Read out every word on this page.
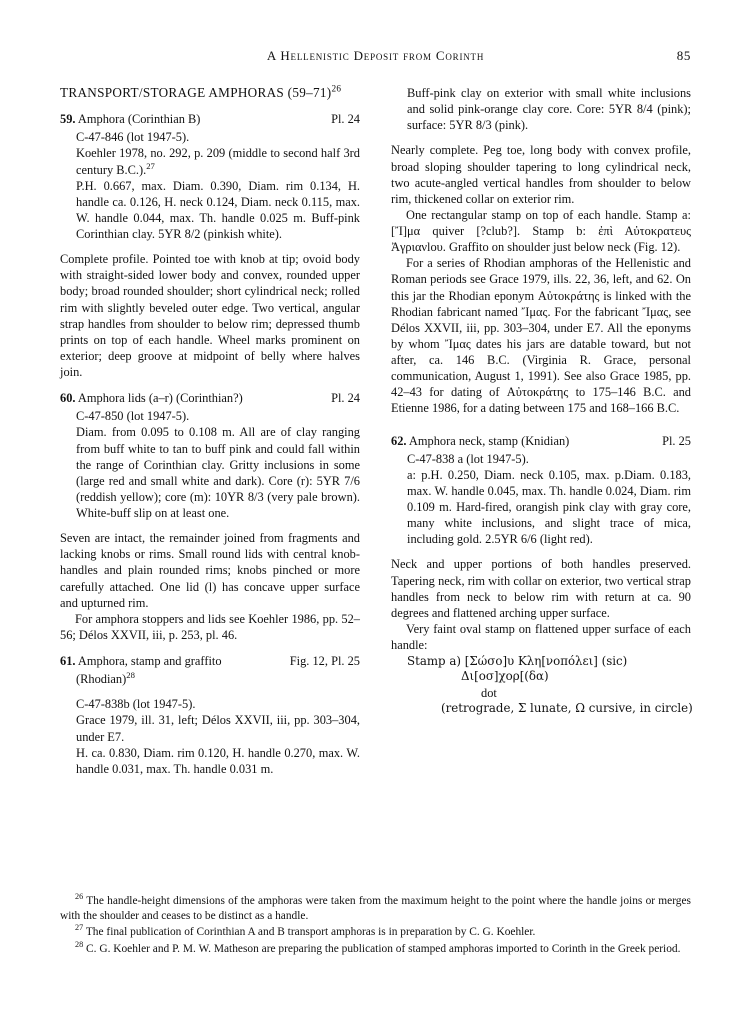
A Hellenistic Deposit from Corinth	85
TRANSPORT/STORAGE AMPHORAS $(59-71)^{26}$
59. Amphora (Corinthian B)	Pl. 24

C-47-846 (lot 1947-5).

Koehler 1978, no. 292, p. 209 (middle to second half 3rd century B.C.).$^{27}$

P.H. 0.667, max. Diam. 0.390, Diam. rim 0.134, H. handle ca. 0.126, H. neck 0.124, Diam. neck 0.115, max. W. handle 0.044, max. Th. handle 0.025 m. Buff-pink Corinthian clay. 5YR 8/2 (pinkish white).

Complete profile. Pointed toe with knob at tip; ovoid body with straight-sided lower body and convex, rounded upper body; broad rounded shoulder; short cylindrical neck; rolled rim with slightly beveled outer edge. Two vertical, angular strap handles from shoulder to below rim; depressed thumb prints on top of each handle. Wheel marks prominent on exterior; deep groove at midpoint of belly where halves join.

60. Amphora lids (a–r) (Corinthian?)	Pl. 24

C-47-850 (lot 1947-5).

Diam. from 0.095 to 0.108 m. All are of clay ranging from buff white to tan to buff pink and could fall within the range of Corinthian clay. Gritty inclusions in some (large red and small white and dark). Core (r): 5YR 7/6 (reddish yellow); core (m): 10YR 8/3 (very pale brown). White-buff slip on at least one.

Seven are intact, the remainder joined from fragments and lacking knobs or rims. Small round lids with central knob-handles and plain rounded rims; knobs pinched or more carefully attached. One lid (l) has concave upper surface and upturned rim.

For amphora stoppers and lids see Koehler 1986, pp. 52–56; Délos XXVII, iii, p. 253, pl. 46.

61. Amphora, stamp and graffito	Fig. 12, Pl. 25

(Rhodian)$^{28}$

C-47-838b (lot 1947-5).

Grace 1979, ill. 31, left; Délos XXVII, iii, pp. 303–304, under E7.

H. ca. 0.830, Diam. rim 0.120, H. handle 0.270, max. W. handle 0.031, max. Th. handle 0.031 m.

Buff-pink clay on exterior with small white inclusions and solid pink-orange clay core. Core: 5YR 8/4 (pink); surface: 5YR 8/3 (pink).

Nearly complete. Peg toe, long body with convex profile, broad sloping shoulder tapering to long cylindrical neck, two acute-angled vertical handles from shoulder to below rim, thickened collar on exterior rim.

One rectangular stamp on top of each handle. Stamp a: [Ἴ]μα quiver [?club?]. Stamp b: ἐπὶ Αὐτοκρατευς Ἀγριανlου. Graffito on shoulder just below neck (Fig. 12).

For a series of Rhodian amphoras of the Hellenistic and Roman periods see Grace 1979, ills. 22, 36, left, and 62. On this jar the Rhodian eponym Αὐτοκράτης is linked with the Rhodian fabricant named Ἴμας. For the fabricant Ἴμας, see Délos XXVII, iii, pp. 303–304, under E7. All the eponyms by whom Ἴμας dates his jars are datable toward, but not after, ca. 146 B.C. (Virginia R. Grace, personal communication, August 1, 1991). See also Grace 1985, pp. 42–43 for dating of Αὐτοκράτης to 175–146 B.C. and Etienne 1986, for a dating between 175 and 168–166 B.C.

62. Amphora neck, stamp (Knidian)	Pl. 25

C-47-838 a (lot 1947-5).

a: p.H. 0.250, Diam. neck 0.105, max. p.Diam. 0.183, max. W. handle 0.045, max. Th. handle 0.024, Diam. rim 0.109 m. Hard-fired, orangish pink clay with gray core, many white inclusions, and slight trace of mica, including gold. 2.5YR 6/6 (light red).

Neck and upper portions of both handles preserved. Tapering neck, rim with collar on exterior, two vertical strap handles from neck to below rim with return at ca. 90 degrees and flattened arching upper surface.

Very faint oval stamp on flattened upper surface of each handle:

Stamp a) [Σώσο]υ Κλη[νοπόλει] (sic)
Δι[οσ]χορ[(δα)
dot
(retrograde, Σ lunate, Ω cursive, in circle)
$^{26}$ The handle-height dimensions of the amphoras were taken from the maximum height to the point where the handle joins or merges with the shoulder and ceases to be distinct as a handle.
$^{27}$ The final publication of Corinthian A and B transport amphoras is in preparation by C. G. Koehler.
$^{28}$ C. G. Koehler and P. M. W. Matheson are preparing the publication of stamped amphoras imported to Corinth in the Greek period.
